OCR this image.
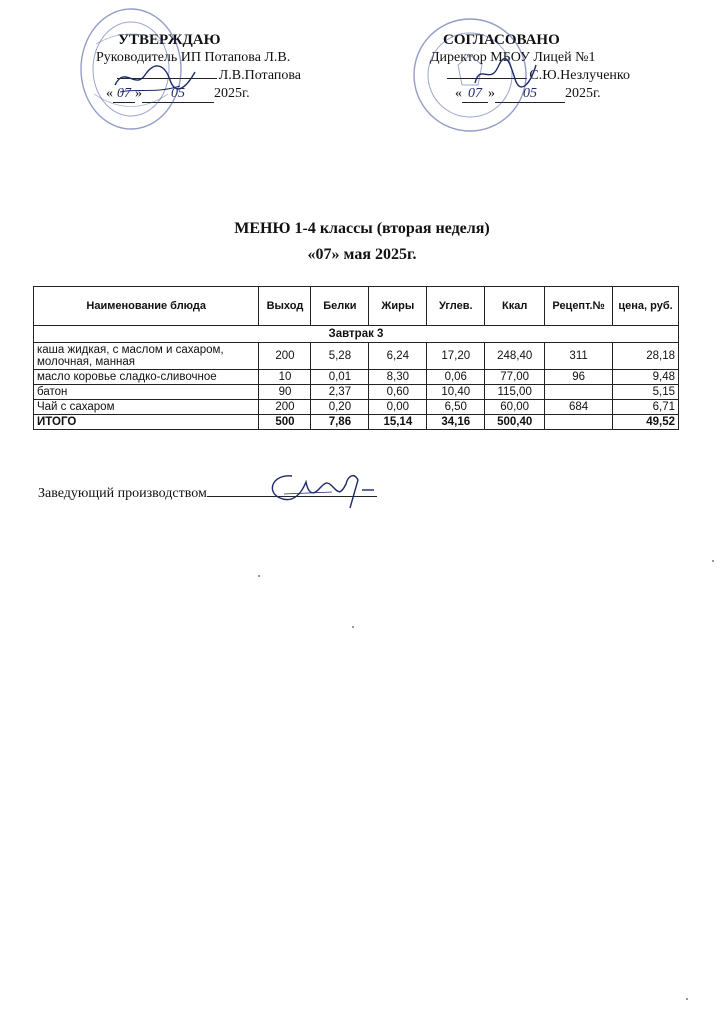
УТВЕРЖДАЮ
Руководитель ИП Потапова Л.В.
Л.В.Потапова
« 07 » 05 2025г.
СОГЛАСОВАНО
Директор МБОУ Лицей №1
С.Ю.Незлученко
« 07 » 05 2025г.
МЕНЮ 1-4 классы (вторая неделя)
«07» мая 2025г.
Наименование блюда	Выход	Белки	Жиры	Углев.	Ккал	Рецепт.№	цена, руб.
Завтрак 3							
каша жидкая, с маслом и сахаром, молочная, манная	200	5,28	6,24	17,20	248,40	311	28,18
масло коровье сладко-сливочное	10	0,01	8,30	0,06	77,00	96	9,48
батон	90	2,37	0,60	10,40	115,00		5,15
Чай с сахаром	200	0,20	0,00	6,50	60,00	684	6,71
ИТОГО	500	7,86	15,14	34,16	500,40		49,52
Заведующий производством
